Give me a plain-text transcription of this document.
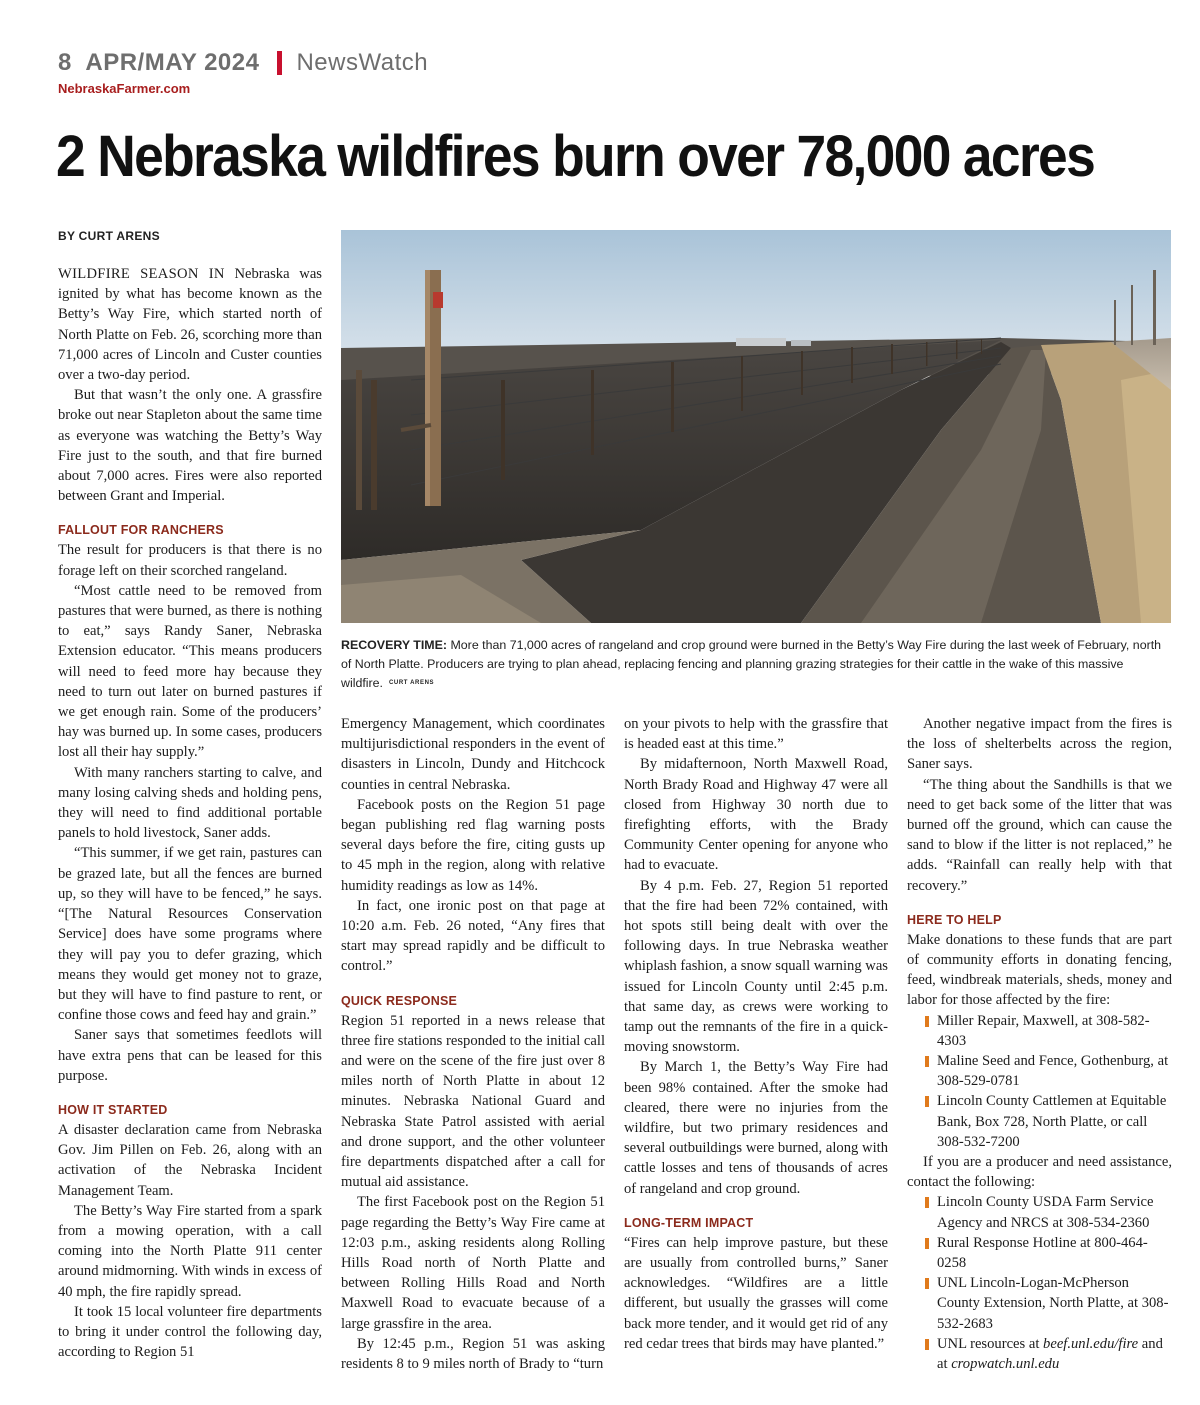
8 APR/MAY 2024 NewsWatch
NebraskaFarmer.com
2 Nebraska wildfires burn over 78,000 acres
BY CURT ARENS

WILDFIRE SEASON IN Nebraska was ignited by what has become known as the Betty’s Way Fire, which started north of North Platte on Feb. 26, scorching more than 71,000 acres of Lincoln and Custer counties over a two-day period.

But that wasn’t the only one. A grassfire broke out near Stapleton about the same time as everyone was watching the Betty’s Way Fire just to the south, and that fire burned about 7,000 acres. Fires were also reported between Grant and Imperial.

FALLOUT FOR RANCHERS

The result for producers is that there is no forage left on their scorched rangeland.

“Most cattle need to be removed from pastures that were burned, as there is nothing to eat,” says Randy Saner, Nebraska Extension educator. “This means producers will need to feed more hay because they need to turn out later on burned pastures if we get enough rain. Some of the producers’ hay was burned up. In some cases, producers lost all their hay supply.”

With many ranchers starting to calve, and many losing calving sheds and holding pens, they will need to find additional portable panels to hold livestock, Saner adds.

“This summer, if we get rain, pastures can be grazed late, but all the fences are burned up, so they will have to be fenced,” he says. “[The Natural Resources Conservation Service] does have some programs where they will pay you to defer grazing, which means they would get money not to graze, but they will have to find pasture to rent, or confine those cows and feed hay and grain.”

Saner says that sometimes feedlots will have extra pens that can be leased for this purpose.

HOW IT STARTED

A disaster declaration came from Nebraska Gov. Jim Pillen on Feb. 26, along with an activation of the Nebraska Incident Management Team.

The Betty’s Way Fire started from a spark from a mowing operation, with a call coming into the North Platte 911 center around midmorning. With winds in excess of 40 mph, the fire rapidly spread.

It took 15 local volunteer fire departments to bring it under control the following day, according to Region 51

RECOVERY TIME: More than 71,000 acres of rangeland and crop ground were burned in the Betty’s Way Fire during the last week of February, north of North Platte. Producers are trying to plan ahead, replacing fencing and planning grazing strategies for their cattle in the wake of this massive wildfire. CURT ARENS

Emergency Management, which coordinates multijurisdictional responders in the event of disasters in Lincoln, Dundy and Hitchcock counties in central Nebraska.

Facebook posts on the Region 51 page began publishing red flag warning posts several days before the fire, citing gusts up to 45 mph in the region, along with relative humidity readings as low as 14%.

In fact, one ironic post on that page at 10:20 a.m. Feb. 26 noted, “Any fires that start may spread rapidly and be difficult to control.”

QUICK RESPONSE

Region 51 reported in a news release that three fire stations responded to the initial call and were on the scene of the fire just over 8 miles north of North Platte in about 12 minutes. Nebraska National Guard and Nebraska State Patrol assisted with aerial and drone support, and the other volunteer fire departments dispatched after a call for mutual aid assistance.

The first Facebook post on the Region 51 page regarding the Betty’s Way Fire came at 12:03 p.m., asking residents along Rolling Hills Road north of North Platte and between Rolling Hills Road and North Maxwell Road to evacuate because of a large grassfire in the area.

By 12:45 p.m., Region 51 was asking residents 8 to 9 miles north of Brady to “turn

on your pivots to help with the grassfire that is headed east at this time.”

By midafternoon, North Maxwell Road, North Brady Road and Highway 47 were all closed from Highway 30 north due to firefighting efforts, with the Brady Community Center opening for anyone who had to evacuate.

By 4 p.m. Feb. 27, Region 51 reported that the fire had been 72% contained, with hot spots still being dealt with over the following days. In true Nebraska weather whiplash fashion, a snow squall warning was issued for Lincoln County until 2:45 p.m. that same day, as crews were working to tamp out the remnants of the fire in a quick-moving snowstorm.

By March 1, the Betty’s Way Fire had been 98% contained. After the smoke had cleared, there were no injuries from the wildfire, but two primary residences and several outbuildings were burned, along with cattle losses and tens of thousands of acres of rangeland and crop ground.

LONG-TERM IMPACT

“Fires can help improve pasture, but these are usually from controlled burns,” Saner acknowledges. “Wildfires are a little different, but usually the grasses will come back more tender, and it would get rid of any red cedar trees that birds may have planted.”

Another negative impact from the fires is the loss of shelterbelts across the region, Saner says.

“The thing about the Sandhills is that we need to get back some of the litter that was burned off the ground, which can cause the sand to blow if the litter is not replaced,” he adds. “Rainfall can really help with that recovery.”

HERE TO HELP

Make donations to these funds that are part of community efforts in donating fencing, feed, windbreak materials, sheds, money and labor for those affected by the fire:

Miller Repair, Maxwell, at 308-582-4303
Maline Seed and Fence, Gothenburg, at 308-529-0781
Lincoln County Cattlemen at Equitable Bank, Box 728, North Platte, or call 308-532-7200

If you are a producer and need assistance, contact the following:

Lincoln County USDA Farm Service Agency and NRCS at 308-534-2360
Rural Response Hotline at 800-464-0258
UNL Lincoln-Logan-McPherson County Extension, North Platte, at 308-532-2683
UNL resources at beef.unl.edu/fire and at cropwatch.unl.edu
